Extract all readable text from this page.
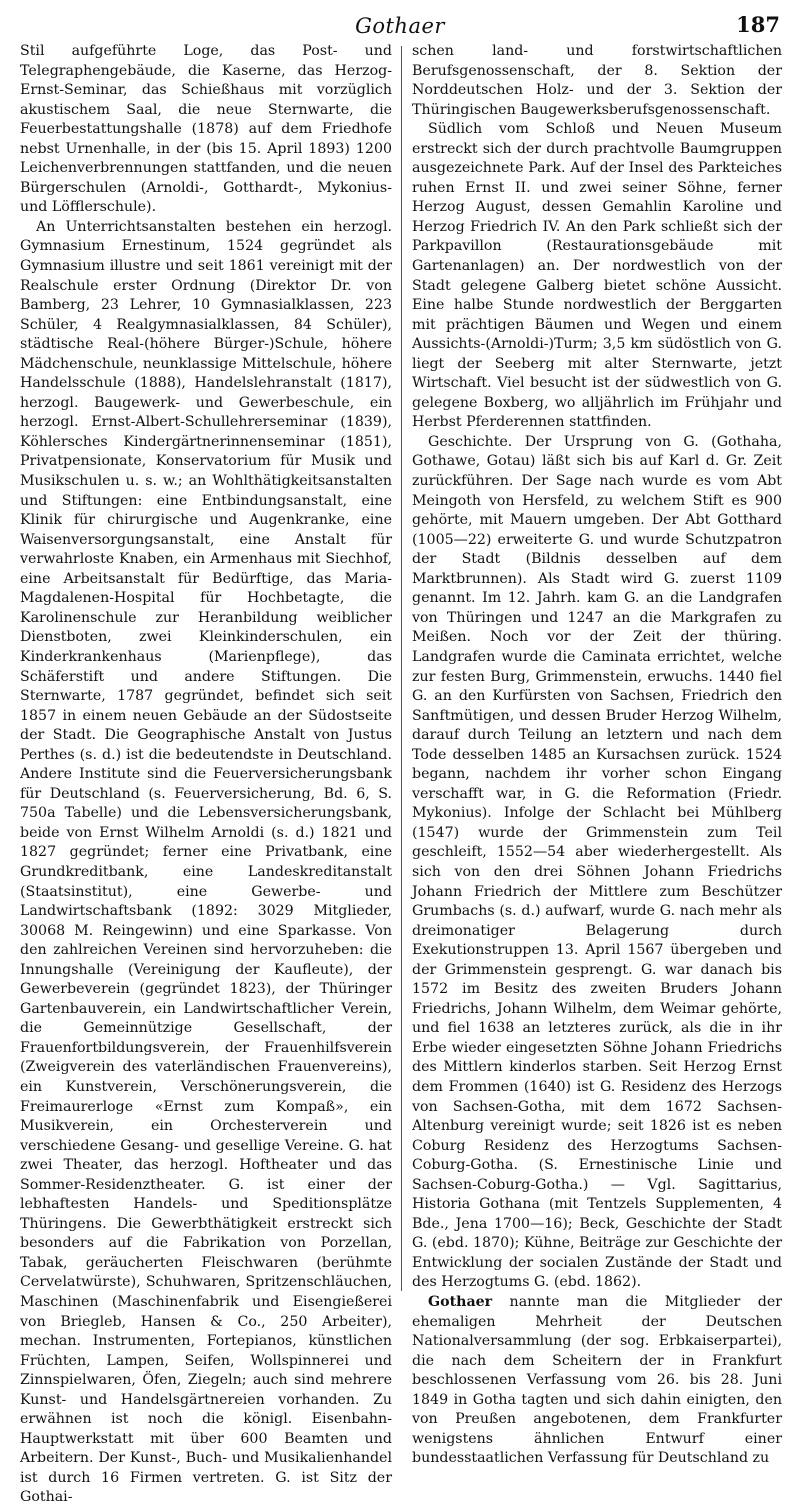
Gothaer	187

Stil aufgeführte Loge, das Post- und Telegraphengebäude, die Kaserne, das Herzog-Ernst-Seminar, das Schießhaus mit vorzüglich akustischem Saal, die neue Sternwarte, die Feuerbestattungshalle (1878) auf dem Friedhofe nebst Urnenhalle, in der (bis 15. April 1893) 1200 Leichenverbrennungen stattfanden, und die neuen Bürgerschulen (Arnoldi-, Gotthardt-, Mykonius- und Löfflerschule).

An Unterrichtsanstalten bestehen ein herzogl. Gymnasium Ernestinum, 1524 gegründet als Gymnasium illustre und seit 1861 vereinigt mit der Realschule erster Ordnung (Direktor Dr. von Bamberg, 23 Lehrer, 10 Gymnasialklassen, 223 Schüler, 4 Realgymnasialklassen, 84 Schüler), städtische Real-(höhere Bürger-)Schule, höhere Mädchenschule, neunklassige Mittelschule, höhere Handelsschule (1888), Handelslehranstalt (1817), herzogl. Baugewerk- und Gewerbeschule, ein herzogl. Ernst-Albert-Schullehrerseminar (1839), Köhlersches Kindergärtnerinnenseminar (1851), Privatpensionate, Konservatorium für Musik und Musikschulen u. s. w.; an Wohlthätigkeitsanstalten und Stiftungen: eine Entbindungsanstalt, eine Klinik für chirurgische und Augenkranke, eine Waisenversorgungsanstalt, eine Anstalt für verwahrloste Knaben, ein Armenhaus mit Siechhof, eine Arbeitsanstalt für Bedürftige, das Maria-Magdalenen-Hospital für Hochbetagte, die Karolinenschule zur Heranbildung weiblicher Dienstboten, zwei Kleinkinderschulen, ein Kinderkrankenhaus (Marienpflege), das Schäferstift und andere Stiftungen. Die Sternwarte, 1787 gegründet, befindet sich seit 1857 in einem neuen Gebäude an der Südostseite der Stadt. Die Geographische Anstalt von Justus Perthes (s. d.) ist die bedeutendste in Deutschland. Andere Institute sind die Feuerversicherungsbank für Deutschland (s. Feuerversicherung, Bd. 6, S. 750a Tabelle) und die Lebensversicherungsbank, beide von Ernst Wilhelm Arnoldi (s. d.) 1821 und 1827 gegründet; ferner eine Privatbank, eine Grundkreditbank, eine Landeskreditanstalt (Staatsinstitut), eine Gewerbe- und Landwirtschaftsbank (1892: 3029 Mitglieder, 30068 M. Reingewinn) und eine Sparkasse. Von den zahlreichen Vereinen sind hervorzuheben: die Innungshalle (Vereinigung der Kaufleute), der Gewerbeverein (gegründet 1823), der Thüringer Gartenbauverein, ein Landwirtschaftlicher Verein, die Gemeinnützige Gesellschaft, der Frauenfortbildungsverein, der Frauenhilfsverein (Zweigverein des vaterländischen Frauenvereins), ein Kunstverein, Verschönerungsverein, die Freimaurerloge «Ernst zum Kompaß», ein Musikverein, ein Orchesterverein und verschiedene Gesang- und gesellige Vereine. G. hat zwei Theater, das herzogl. Hoftheater und das Sommer-Residenztheater. G. ist einer der lebhaftesten Handels- und Speditionsplätze Thüringens. Die Gewerbthätigkeit erstreckt sich besonders auf die Fabrikation von Porzellan, Tabak, geräucherten Fleischwaren (berühmte Cervelatwürste), Schuhwaren, Spritzenschläuchen, Maschinen (Maschinenfabrik und Eisengießerei von Briegleb, Hansen & Co., 250 Arbeiter), mechan. Instrumenten, Fortepianos, künstlichen Früchten, Lampen, Seifen, Wollspinnerei und Zinnspielwaren, Öfen, Ziegeln; auch sind mehrere Kunst- und Handelsgärtnereien vorhanden. Zu erwähnen ist noch die königl. Eisenbahn-Hauptwerkstatt mit über 600 Beamten und Arbeitern. Der Kunst-, Buch- und Musikalienhandel ist durch 16 Firmen vertreten. G. ist Sitz der Gothai-

schen land- und forstwirtschaftlichen Berufsgenossenschaft, der 8. Sektion der Norddeutschen Holz- und der 3. Sektion der Thüringischen Baugewerksberufsgenossenschaft.

Südlich vom Schloß und Neuen Museum erstreckt sich der durch prachtvolle Baumgruppen ausgezeichnete Park. Auf der Insel des Parkteiches ruhen Ernst II. und zwei seiner Söhne, ferner Herzog August, dessen Gemahlin Karoline und Herzog Friedrich IV. An den Park schließt sich der Parkpavillon (Restaurationsgebäude mit Gartenanlagen) an. Der nordwestlich von der Stadt gelegene Galberg bietet schöne Aussicht. Eine halbe Stunde nordwestlich der Berggarten mit prächtigen Bäumen und Wegen und einem Aussichts-(Arnoldi-)Turm; 3,5 km südöstlich von G. liegt der Seeberg mit alter Sternwarte, jetzt Wirtschaft. Viel besucht ist der südwestlich von G. gelegene Boxberg, wo alljährlich im Frühjahr und Herbst Pferderennen stattfinden.

Geschichte. Der Ursprung von G. (Gothaha, Gothawe, Gotau) läßt sich bis auf Karl d. Gr. Zeit zurückführen. Der Sage nach wurde es vom Abt Meingoth von Hersfeld, zu welchem Stift es 900 gehörte, mit Mauern umgeben. Der Abt Gotthard (1005—22) erweiterte G. und wurde Schutzpatron der Stadt (Bildnis desselben auf dem Marktbrunnen). Als Stadt wird G. zuerst 1109 genannt. Im 12. Jahrh. kam G. an die Landgrafen von Thüringen und 1247 an die Markgrafen zu Meißen. Noch vor der Zeit der thüring. Landgrafen wurde die Caminata errichtet, welche zur festen Burg, Grimmenstein, erwuchs. 1440 fiel G. an den Kurfürsten von Sachsen, Friedrich den Sanftmütigen, und dessen Bruder Herzog Wilhelm, darauf durch Teilung an letztern und nach dem Tode desselben 1485 an Kursachsen zurück. 1524 begann, nachdem ihr vorher schon Eingang verschafft war, in G. die Reformation (Friedr. Mykonius). Infolge der Schlacht bei Mühlberg (1547) wurde der Grimmenstein zum Teil geschleift, 1552—54 aber wiederhergestellt. Als sich von den drei Söhnen Johann Friedrichs Johann Friedrich der Mittlere zum Beschützer Grumbachs (s. d.) aufwarf, wurde G. nach mehr als dreimonatiger Belagerung durch Exekutionstruppen 13. April 1567 übergeben und der Grimmenstein gesprengt. G. war danach bis 1572 im Besitz des zweiten Bruders Johann Friedrichs, Johann Wilhelm, dem Weimar gehörte, und fiel 1638 an letzteres zurück, als die in ihr Erbe wieder eingesetzten Söhne Johann Friedrichs des Mittlern kinderlos starben. Seit Herzog Ernst dem Frommen (1640) ist G. Residenz des Herzogs von Sachsen-Gotha, mit dem 1672 Sachsen-Altenburg vereinigt wurde; seit 1826 ist es neben Coburg Residenz des Herzogtums Sachsen-Coburg-Gotha. (S. Ernestinische Linie und Sachsen-Coburg-Gotha.) — Vgl. Sagittarius, Historia Gothana (mit Tentzels Supplementen, 4 Bde., Jena 1700—16); Beck, Geschichte der Stadt G. (ebd. 1870); Kühne, Beiträge zur Geschichte der Entwicklung der socialen Zustände der Stadt und des Herzogtums G. (ebd. 1862).

Gothaer nannte man die Mitglieder der ehemaligen Mehrheit der Deutschen Nationalversammlung (der sog. Erbkaiserpartei), die nach dem Scheitern der in Frankfurt beschlossenen Verfassung vom 26. bis 28. Juni 1849 in Gotha tagten und sich dahin einigten, den von Preußen angebotenen, dem Frankfurter wenigstens ähnlichen Entwurf einer bundesstaatlichen Verfassung für Deutschland zu
